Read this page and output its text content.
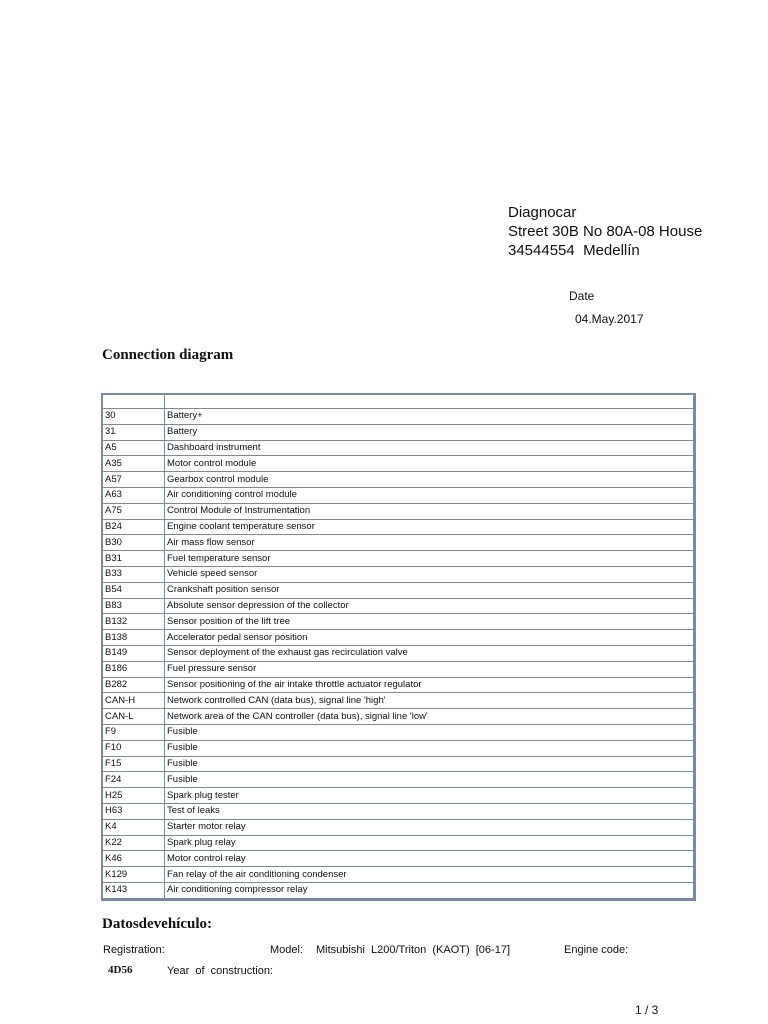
Diagnocar
Street 30B No 80A-08 House
34544554  Medellín
Date
04.May.2017
Connection diagram

30	Battery+
31	Battery
A5	Dashboard instrument
A35	Motor control module
A57	Gearbox control module
A63	Air conditioning control module
A75	Control Module of Instrumentation
B24	Engine coolant temperature sensor
B30	Air mass flow sensor
B31	Fuel temperature sensor
B33	Vehicle speed sensor
B54	Crankshaft position sensor
B83	Absolute sensor depression of the collector
B132	Sensor position of the lift tree
B138	Accelerator pedal sensor position
B149	Sensor deployment of the exhaust gas recirculation valve
B186	Fuel pressure sensor
B282	Sensor positioning of the air intake throttle actuator regulator
CAN-H	Network controlled CAN (data bus), signal line 'high'
CAN-L	Network area of the CAN controller (data bus), signal line 'low'
F9	Fusible
F10	Fusible
F15	Fusible
F24	Fusible
H25	Spark plug tester
H63	Test of leaks
K4	Starter motor relay
K22	Spark plug relay
K46	Motor control relay
K129	Fan relay of the air conditioning condenser
K143	Air conditioning compressor relay
Datosdevehículo:
Registration:	Model: Mitsubishi  L200/Triton  (KAOT)  [06-17]	Engine code:
4D56	Year  of  construction:
1 / 3
